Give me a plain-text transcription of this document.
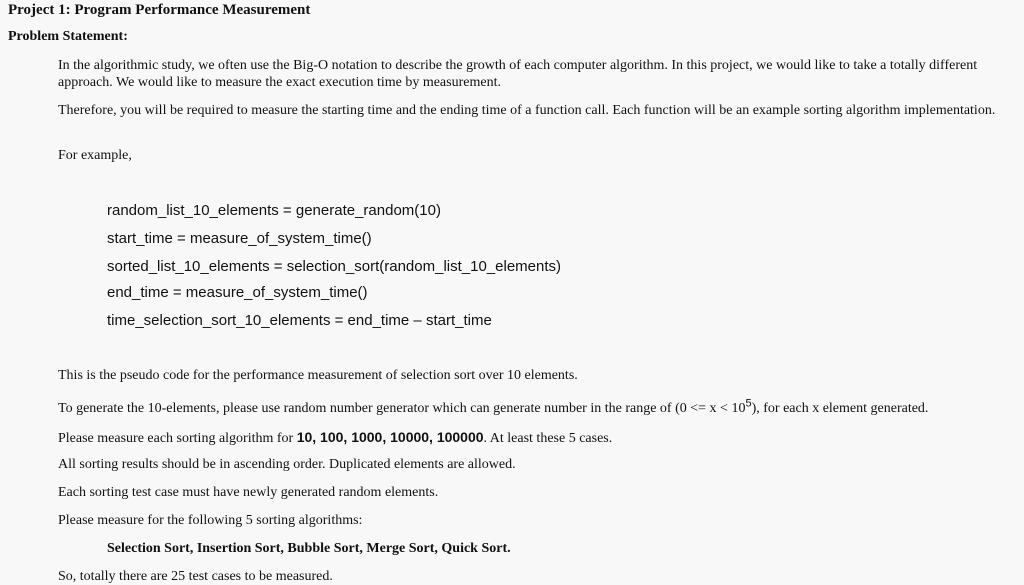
Project 1: Program Performance Measurement
Problem Statement:
In the algorithmic study, we often use the Big-O notation to describe the growth of each computer algorithm. In this project, we would like to take a totally different approach. We would like to measure the exact execution time by measurement.
Therefore, you will be required to measure the starting time and the ending time of a function call. Each function will be an example sorting algorithm implementation.
For example,
random_list_10_elements = generate_random(10)
start_time = measure_of_system_time()
sorted_list_10_elements = selection_sort(random_list_10_elements)
end_time = measure_of_system_time()
time_selection_sort_10_elements = end_time – start_time
This is the pseudo code for the performance measurement of selection sort over 10 elements.
To generate the 10-elements, please use random number generator which can generate number in the range of $(0 <= x < 10^5)$, for each x element generated.
Please measure each sorting algorithm for 10, 100, 1000, 10000, 100000. At least these 5 cases.
All sorting results should be in ascending order. Duplicated elements are allowed.
Each sorting test case must have newly generated random elements.
Please measure for the following 5 sorting algorithms:
Selection Sort, Insertion Sort, Bubble Sort, Merge Sort, Quick Sort.
So, totally there are 25 test cases to be measured.
